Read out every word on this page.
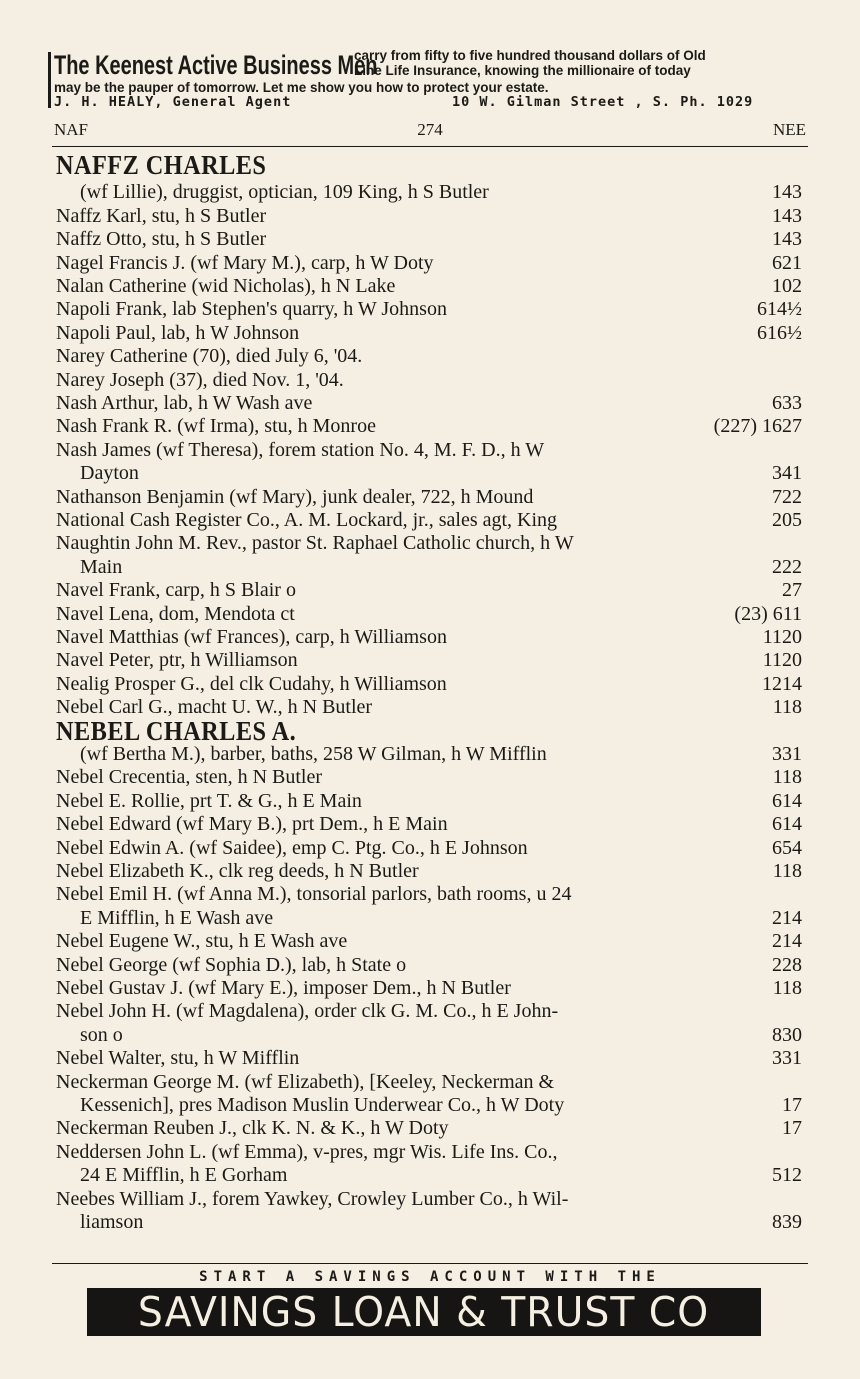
The Keenest Active Business Men
carry from fifty to five hundred thousand dollars of Old
Line Life Insurance, knowing the millionaire of today
may be the pauper of tomorrow. Let me show you how to protect your estate.
J. H. HEALY, General Agent	10 W. Gilman Street , S. Ph. 1029
274
NAF	NEE
NAFFZ CHARLES
(wf Lillie), druggist, optician, 109 King, h S Butler	143
Naffz Karl, stu, h S Butler	143
Naffz Otto, stu, h S Butler	143
Nagel Francis J. (wf Mary M.), carp, h W Doty	621
Nalan Catherine (wid Nicholas), h N Lake	102
Napoli Frank, lab Stephen's quarry, h W Johnson	614½
Napoli Paul, lab, h W Johnson	616½
Narey Catherine (70), died July 6, '04.
Narey Joseph (37), died Nov. 1, '04.
Nash Arthur, lab, h W Wash ave	633
Nash Frank R. (wf Irma), stu, h Monroe	(227) 1627
Nash James (wf Theresa), forem station No. 4, M. F. D., h W
Dayton	341
Nathanson Benjamin (wf Mary), junk dealer, 722, h Mound	722
National Cash Register Co., A. M. Lockard, jr., sales agt, King	205
Naughtin John M. Rev., pastor St. Raphael Catholic church, h W
Main	222
Navel Frank, carp, h S Blair o	27
Navel Lena, dom, Mendota ct	(23) 611
Navel Matthias (wf Frances), carp, h Williamson	1120
Navel Peter, ptr, h Williamson	1120
Nealig Prosper G., del clk Cudahy, h Williamson	1214
Nebel Carl G., macht U. W., h N Butler	118
NEBEL CHARLES A.
(wf Bertha M.), barber, baths, 258 W Gilman, h W Mifflin	331
Nebel Crecentia, sten, h N Butler	118
Nebel E. Rollie, prt T. & G., h E Main	614
Nebel Edward (wf Mary B.), prt Dem., h E Main	614
Nebel Edwin A. (wf Saidee), emp C. Ptg. Co., h E Johnson	654
Nebel Elizabeth K., clk reg deeds, h N Butler	118
Nebel Emil H. (wf Anna M.), tonsorial parlors, bath rooms, u 24
E Mifflin, h E Wash ave	214
Nebel Eugene W., stu, h E Wash ave	214
Nebel George (wf Sophia D.), lab, h State o	228
Nebel Gustav J. (wf Mary E.), imposer Dem., h N Butler	118
Nebel John H. (wf Magdalena), order clk G. M. Co., h E John-
son o	830
Nebel Walter, stu, h W Mifflin	331
Neckerman George M. (wf Elizabeth), [Keeley, Neckerman &
Kessenich], pres Madison Muslin Underwear Co., h W Doty	17
Neckerman Reuben J., clk K. N. & K., h W Doty	17
Neddersen John L. (wf Emma), v-pres, mgr Wis. Life Ins. Co.,
24 E Mifflin, h E Gorham	512
Neebes William J., forem Yawkey, Crowley Lumber Co., h Wil-
liamson	839
START A SAVINGS ACCOUNT WITH THE
SAVINGS LOAN & TRUST CO
